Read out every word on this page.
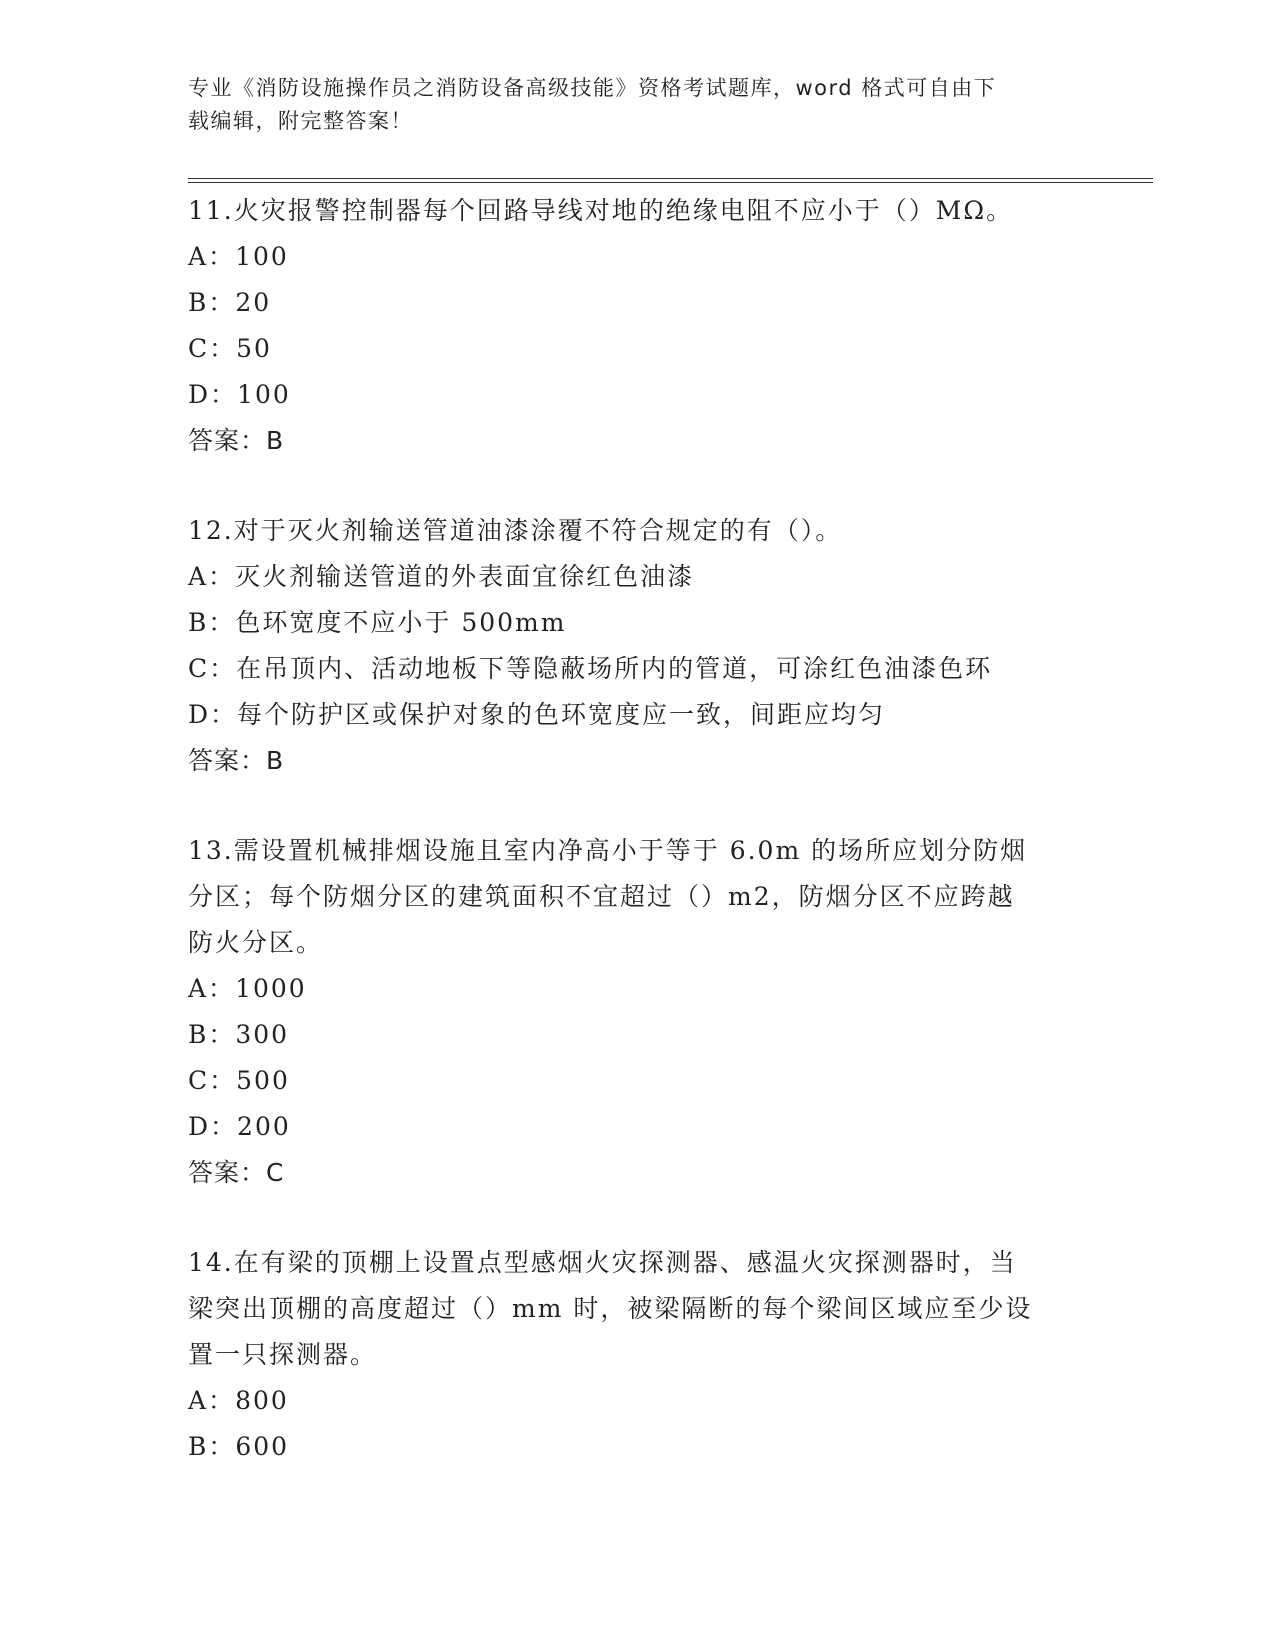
专业《消防设施操作员之消防设备高级技能》资格考试题库，word 格式可自由下
载编辑，附完整答案！

11.火灾报警控制器每个回路导线对地的绝缘电阻不应小于（）MΩ。

A：100

B：20

C：50

D：100

答案：B

12.对于灭火剂输送管道油漆涂覆不符合规定的有（）。

A：灭火剂输送管道的外表面宜徐红色油漆

B：色环宽度不应小于 500mm

C：在吊顶内、活动地板下等隐蔽场所内的管道，可涂红色油漆色环

D：每个防护区或保护对象的色环宽度应一致，间距应均匀

答案：B

13.需设置机械排烟设施且室内净高小于等于 6.0m 的场所应划分防烟

分区；每个防烟分区的建筑面积不宜超过（）m2，防烟分区不应跨越

防火分区。

A：1000

B：300

C：500

D：200

答案：C

14.在有梁的顶棚上设置点型感烟火灾探测器、感温火灾探测器时，当

梁突出顶棚的高度超过（）mm 时，被梁隔断的每个梁间区域应至少设

置一只探测器。

A：800

B：600
